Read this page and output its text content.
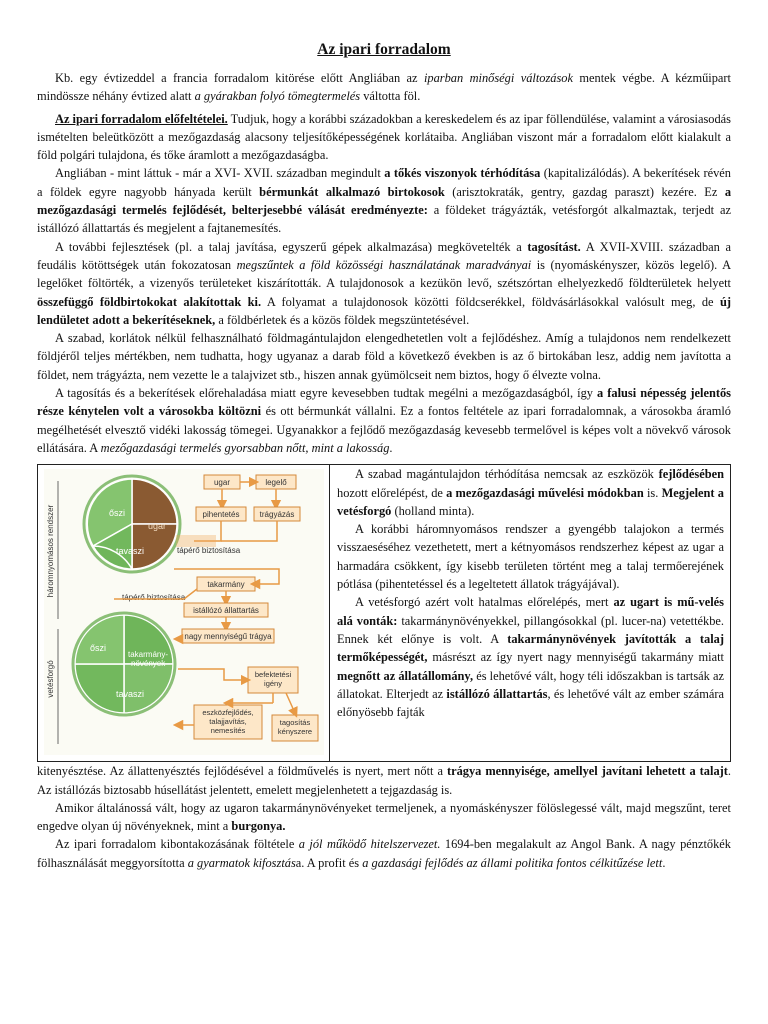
Az ipari forradalom

Kb. egy évtizeddel a francia forradalom kitörése előtt Angliában az iparban minőségi változások mentek végbe. A kézműipart mindössze néhány évtized alatt a gyárakban folyó tömegtermelés váltotta föl.

Az ipari forradalom előfeltételei. Tudjuk, hogy a korábbi századokban a kereskedelem és az ipar föllendülése, valamint a városiasodás ismételten beleütközött a mezőgazdaság alacsony teljesítőképességének korlátaiba. Angliában viszont már a forradalom előtt kialakult a föld polgári tulajdona, és tőke áramlott a mezőgazdaságba.

Angliában - mint láttuk - már a XVI- XVII. században megindult a tőkés viszonyok térhódítása (kapitalizálódás). A bekerítések révén a földek egyre nagyobb hányada került bérmunkát alkalmazó birtokosok (arisztokraták, gentry, gazdag paraszt) kezére. Ez a mezőgazdasági termelés fejlődését, belterjesebbé válását eredményezte: a földeket trágyázták, vetésforgót alkalmaztak, terjedt az istállózó állattartás és megjelent a fajtanemesítés.

A további fejlesztések (pl. a talaj javítása, egyszerű gépek alkalmazása) megkövetelték a tagosítást. A XVII-XVIII. században a feudális kötöttségek után fokozatosan megszűntek a föld közösségi használatának maradványai is (nyomáskényszer, közös legelő). A legelőket föltörték, a vizenyős területeket kiszárították. A tulajdonosok a kezükön levő, szétszórtan elhelyezkedő földterületek helyett összefüggő földbirtokokat alakítottak ki. A folyamat a tulajdonosok közötti földcserékkel, földvásárlásokkal valósult meg, de új lendületet adott a bekerítéseknek, a földbérletek és a közös földek megszüntetésével.

A szabad, korlátok nélkül felhasználható földmagántulajdon elengedhetetlen volt a fejlődéshez. Amíg a tulajdonos nem rendelkezett földjéről teljes mértékben, nem tudhatta, hogy ugyanaz a darab föld a következő években is az ő birtokában lesz, addig nem javította a földet, nem trágyázta, nem vezette le a talajvizet stb., hiszen annak gyümölcseit nem biztos, hogy ő élvezte volna.

A tagosítás és a bekerítések előrehaladása miatt egyre kevesebben tudtak megélni a mezőgazdaságból, így a falusi népesség jelentős része kénytelen volt a városokba költözni és ott bérmunkát vállalni. Ez a fontos feltétele az ipari forradalomnak, a városokba áramló megélhetését elvesztő vidéki lakosság tömegei. Ugyanakkor a fejlődő mezőgazdaság kevesebb termelővel is képes volt a növekvő városok ellátására. A mezőgazdasági termelés gyorsabban nőtt, mint a lakosság.

háromnyomásos rendszer
vetésforgó
őszi
ugar
tavaszi
őszi
takarmány-növények
tavaszi
ugar	legelő
pihentetés	trágyázás
tápérő biztosítása
takarmány
tápérő biztosítása
istállózó állattartás
nagy mennyiségű trágya
befektetési igény
eszközfejlődés, talajjavítás, nemesítés
tagosítás kényszere

A szabad magántulajdon térhódítása nemcsak az eszközök fejlődésében hozott előrelépést, de a mezőgazdasági művelési módokban is. Megjelent a vetésforgó (holland minta).

A korábbi háromnyomásos rendszer a gyengébb talajokon a termés visszaeséséhez vezethetett, mert a kétnyomásos rendszerhez képest az ugar a harmadára csökkent, így kisebb területen történt meg a talaj termőerejének pótlása (pihentetéssel és a legeltetett állatok trágyájával).

A vetésforgó azért volt hatalmas előrelépés, mert az ugart is mű-velés alá vonták: takarmánynövényekkel, pillangósokkal (pl. lucer-na) vetettékbe. Ennek két előnye is volt. A takarmánynövények javították a talaj termőképességét, másrészt az így nyert nagy mennyiségű takarmány miatt megnőtt az állatállomány, és lehetővé vált, hogy téli időszakban is tartsák az állatokat. Elterjedt az istállózó állattartás, és lehetővé vált az ember számára előnyösebb fajták

kitenyésztése. Az állattenyésztés fejlődésével a földművelés is nyert, mert nőtt a trágya mennyisége, amellyel javítani lehetett a talajt. Az istállózás biztosabb húsellátást jelentett, emelett megjelenhetett a tejgazdaság is.

Amikor általánossá vált, hogy az ugaron takarmánynövényeket termeljenek, a nyomáskényszer fölöslegessé vált, majd megszűnt, teret engedve olyan új növényeknek, mint a burgonya.

Az ipari forradalom kibontakozásának föltétele a jól működő hitelszervezet. 1694-ben megalakult az Angol Bank. A nagy pénztőkék fölhasználását meggyorsította a gyarmatok kifosztása. A profit és a gazdasági fejlődés az állami politika fontos célkitűzése lett.
